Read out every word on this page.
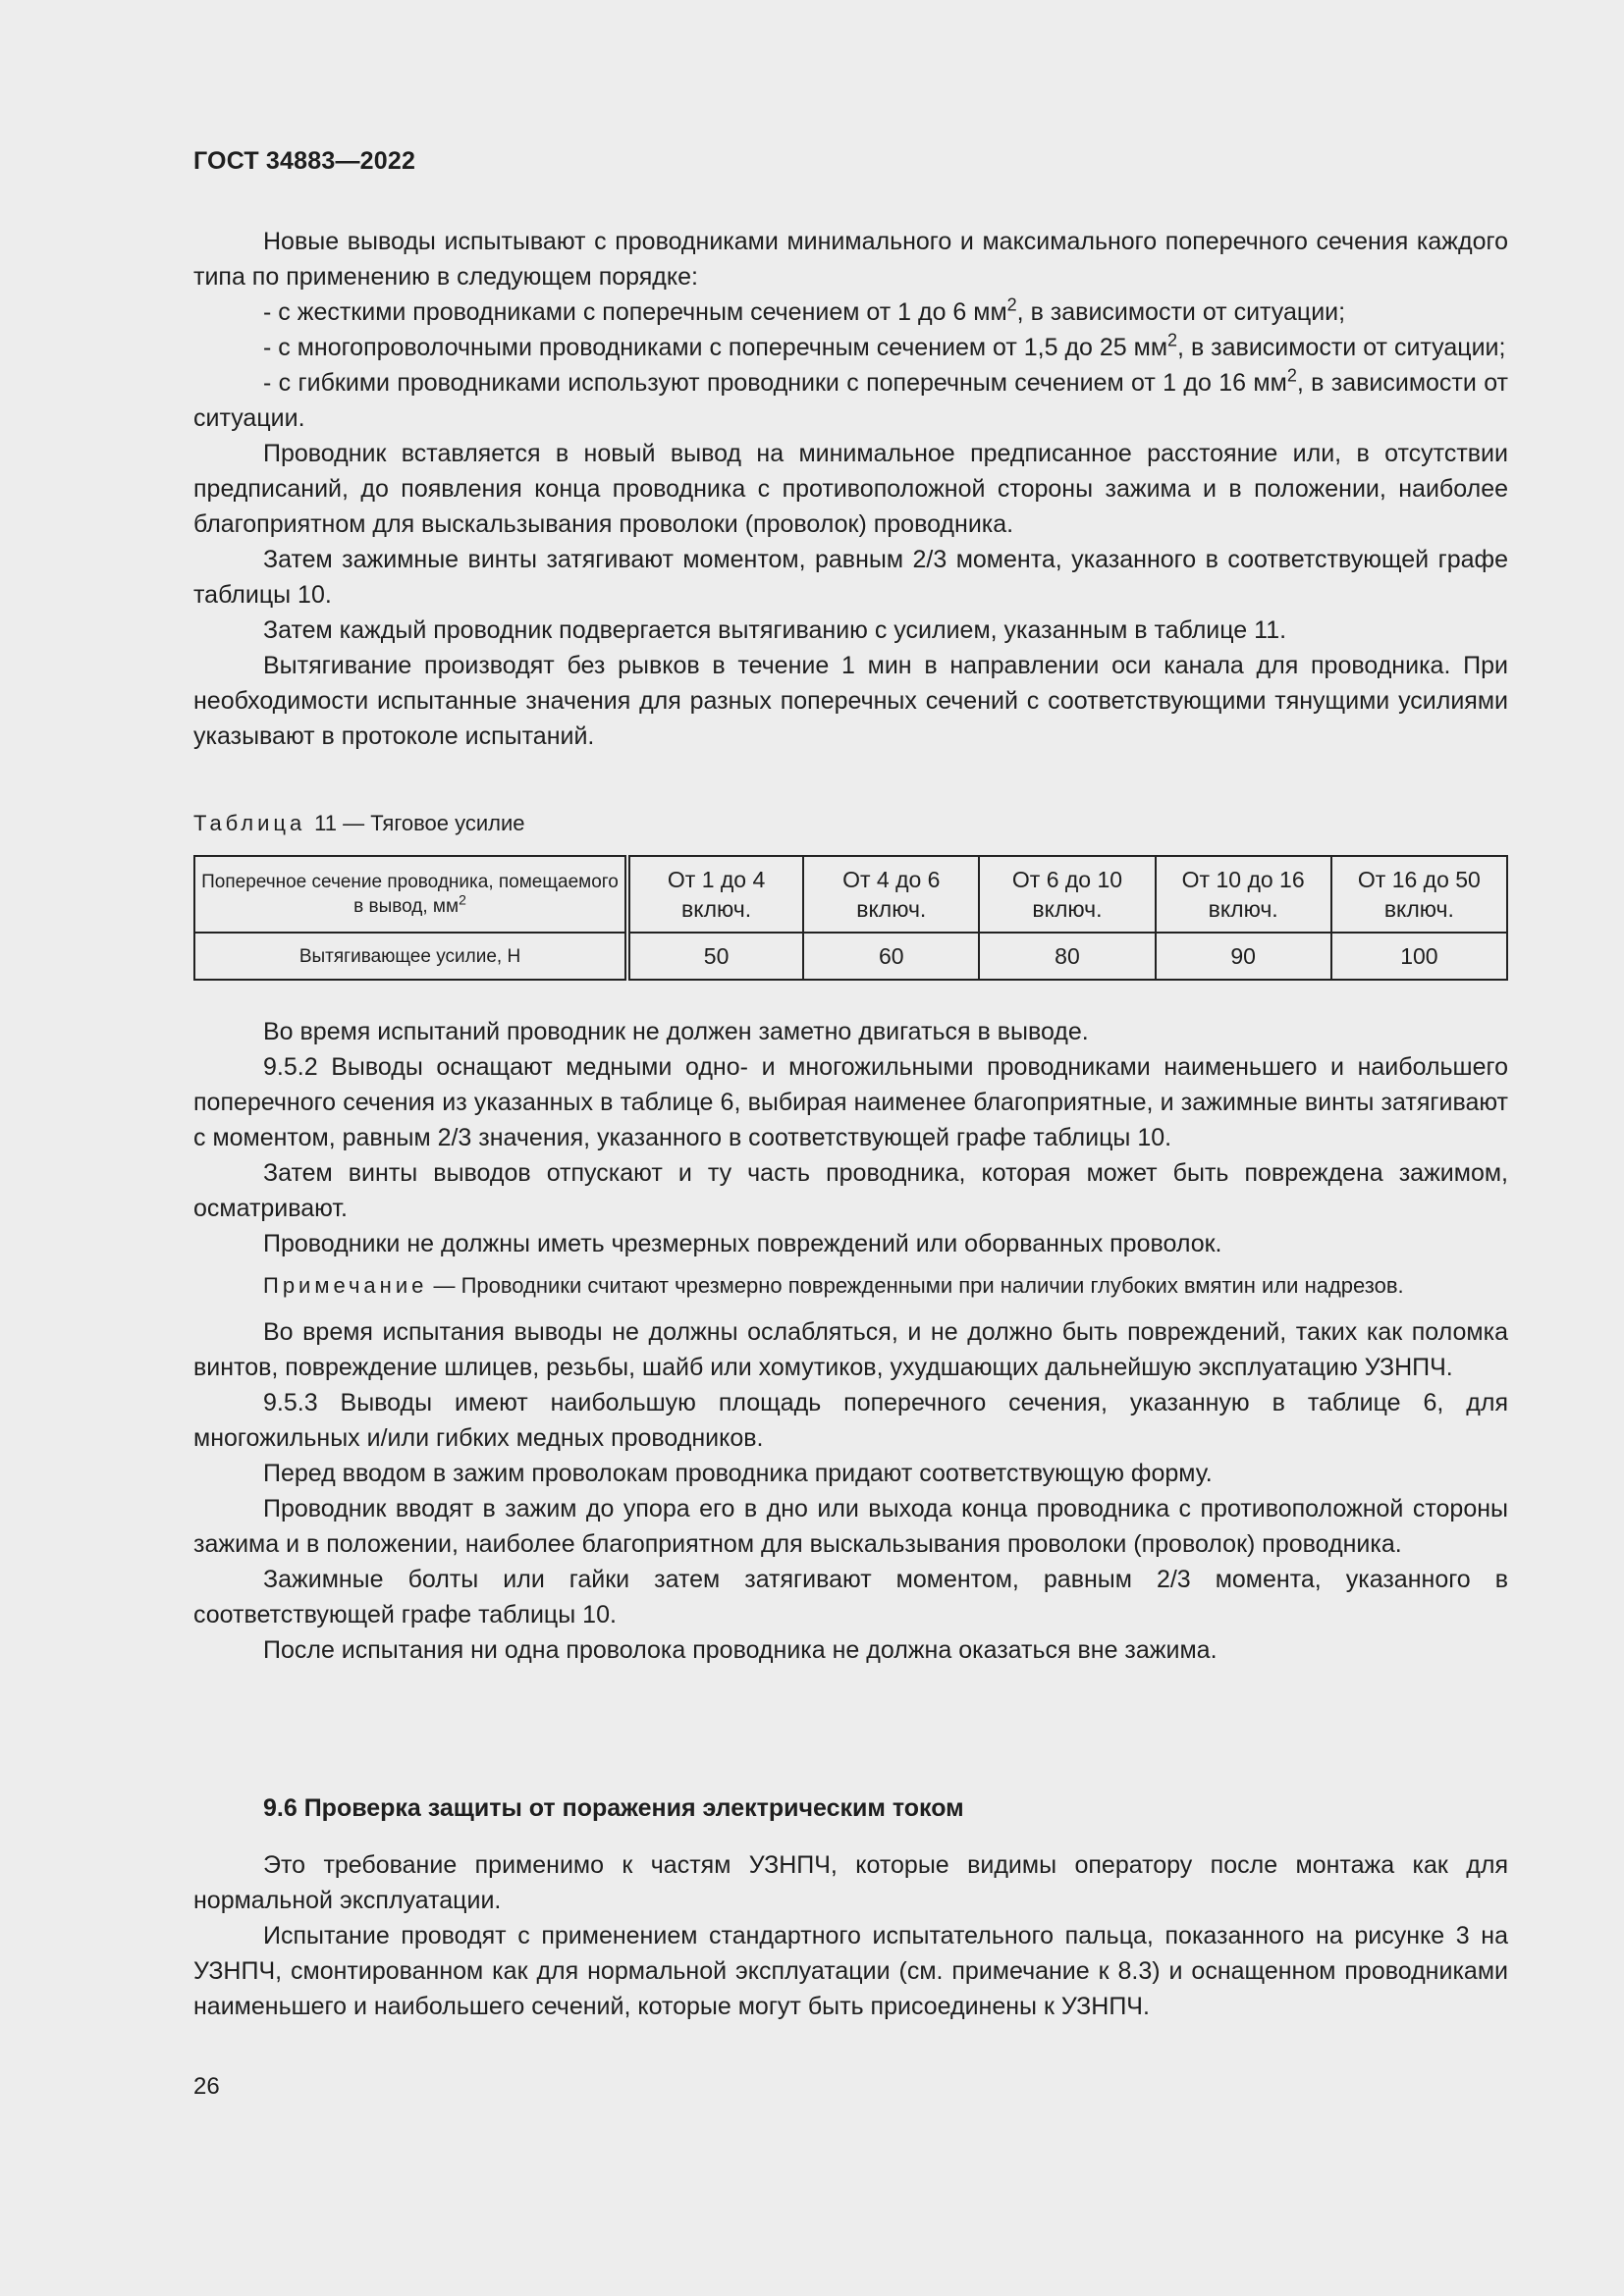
ГОСТ 34883—2022

Новые выводы испытывают с проводниками минимального и максимального поперечного сечения каждого типа по применению в следующем порядке:

- с жесткими проводниками с поперечным сечением от 1 до 6 $мм^2$, в зависимости от ситуации;

- с многопроволочными проводниками с поперечным сечением от 1,5 до 25 $мм^2$, в зависимости от ситуации;

- с гибкими проводниками используют проводники с поперечным сечением от 1 до 16 $мм^2$, в зависимости от ситуации.

Проводник вставляется в новый вывод на минимальное предписанное расстояние или, в отсутствии предписаний, до появления конца проводника с противоположной стороны зажима и в положении, наиболее благоприятном для выскальзывания проволоки (проволок) проводника.

Затем зажимные винты затягивают моментом, равным 2/3 момента, указанного в соответствующей графе таблицы 10.

Затем каждый проводник подвергается вытягиванию с усилием, указанным в таблице 11.

Вытягивание производят без рывков в течение 1 мин в направлении оси канала для проводника. При необходимости испытанные значения для разных поперечных сечений с соответствующими тянущими усилиями указывают в протоколе испытаний.

Таблица 11 — Тяговое усилие
Поперечное сечение проводника, помещаемого в вывод, $мм^2$	От 1 до 4 включ.	От 4 до 6 включ.	От 6 до 10 включ.	От 10 до 16 включ.	От 16 до 50 включ.
Вытягивающее усилие, Н	50	60	80	90	100

Во время испытаний проводник не должен заметно двигаться в выводе.

9.5.2 Выводы оснащают медными одно- и многожильными проводниками наименьшего и наибольшего поперечного сечения из указанных в таблице 6, выбирая наименее благоприятные, и зажимные винты затягивают с моментом, равным 2/3 значения, указанного в соответствующей графе таблицы 10.

Затем винты выводов отпускают и ту часть проводника, которая может быть повреждена зажимом, осматривают.

Проводники не должны иметь чрезмерных повреждений или оборванных проволок.

Примечание — Проводники считают чрезмерно поврежденными при наличии глубоких вмятин или надрезов.

Во время испытания выводы не должны ослабляться, и не должно быть повреждений, таких как поломка винтов, повреждение шлицев, резьбы, шайб или хомутиков, ухудшающих дальнейшую эксплуатацию УЗНПЧ.

9.5.3 Выводы имеют наибольшую площадь поперечного сечения, указанную в таблице 6, для многожильных и/или гибких медных проводников.

Перед вводом в зажим проволокам проводника придают соответствующую форму.

Проводник вводят в зажим до упора его в дно или выхода конца проводника с противоположной стороны зажима и в положении, наиболее благоприятном для выскальзывания проволоки (проволок) проводника.

Зажимные болты или гайки затем затягивают моментом, равным 2/3 момента, указанного в соответствующей графе таблицы 10.

После испытания ни одна проволока проводника не должна оказаться вне зажима.

9.6 Проверка защиты от поражения электрическим током

Это требование применимо к частям УЗНПЧ, которые видимы оператору после монтажа как для нормальной эксплуатации.

Испытание проводят с применением стандартного испытательного пальца, показанного на рисунке 3 на УЗНПЧ, смонтированном как для нормальной эксплуатации (см. примечание к 8.3) и оснащенном проводниками наименьшего и наибольшего сечений, которые могут быть присоединены к УЗНПЧ.

26
